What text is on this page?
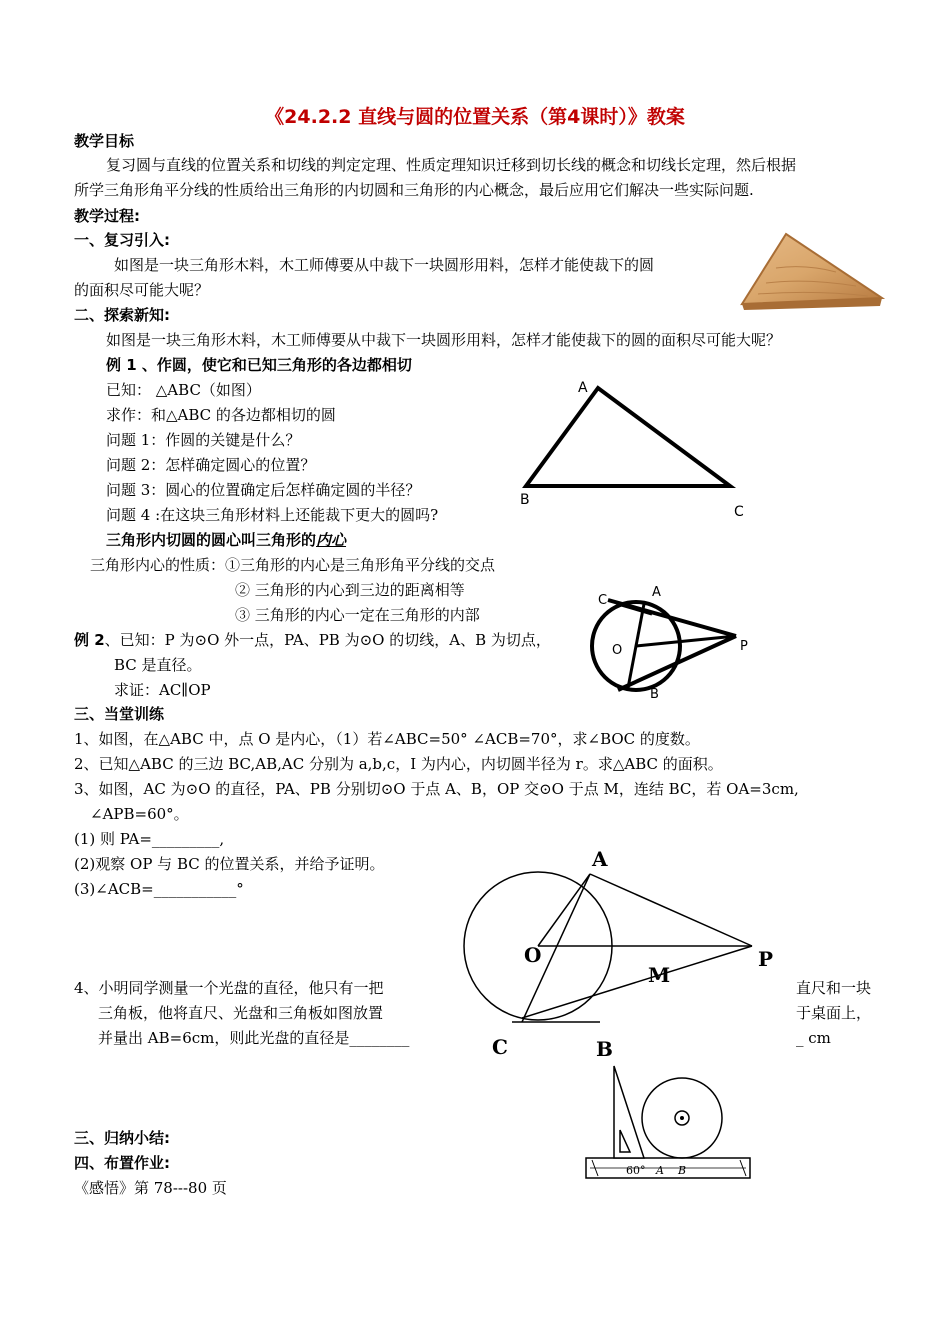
《24.2.2 直线与圆的位置关系（第4课时）》教案
教学目标
复习圆与直线的位置关系和切线的判定定理、性质定理知识迁移到切长线的概念和切线长定理，然后根据
所学三角形角平分线的性质给出三角形的内切圆和三角形的内心概念，最后应用它们解决一些实际问题.
教学过程:
一、复习引入:
如图是一块三角形木料，木工师傅要从中裁下一块圆形用料，怎样才能使裁下的圆
的面积尽可能大呢？
二、探索新知:
如图是一块三角形木料，木工师傅要从中裁下一块圆形用料，怎样才能使裁下的圆的面积尽可能大呢？
例 1 、作圆，使它和已知三角形的各边都相切
已知： △ABC（如图）
求作：和△ABC 的各边都相切的圆
问题 1：作圆的关键是什么？
问题 2：怎样确定圆心的位置？
问题 3：圆心的位置确定后怎样确定圆的半径？
问题 4 :在这块三角形材料上还能裁下更大的圆吗?
A
B
C
三角形内切圆的圆心叫三角形的内心
三角形内心的性质：①三角形的内心是三角形角平分线的交点
② 三角形的内心到三边的距离相等
③ 三角形的内心一定在三角形的内部
例 2、已知：P 为⊙O 外一点，PA、PB 为⊙O 的切线，A、B 为切点，
BC 是直径。
求证：AC∥OP
C
A
O	P
B
三、当堂训练
1、如图，在△ABC 中，点 O 是内心，（1）若∠ABC=50° ∠ACB=70°，求∠BOC 的度数。
2、已知△ABC 的三边 BC,AB,AC 分别为 a,b,c，I 为内心，内切圆半径为 r。求△ABC 的面积。
3、如图，AC 为⊙O 的直径，PA、PB 分别切⊙O 于点 A、B，OP 交⊙O 于点 M，连结 BC，若 OA=3cm,
∠APB=60°。
(1) 则 PA=_________,
(2)观察 OP 与 BC 的位置关系，并给予证明。
(3)∠ACB=___________°
A
O
M
P
C	B
4、小明同学测量一个光盘的直径，他只有一把	直尺和一块
三角板，他将直尺、光盘和三角板如图放置	于桌面上，
并量出 AB=6cm，则此光盘的直径是________	_ cm
60° A B
三、归纳小结:
四、布置作业:
《感悟》第 78---80 页
